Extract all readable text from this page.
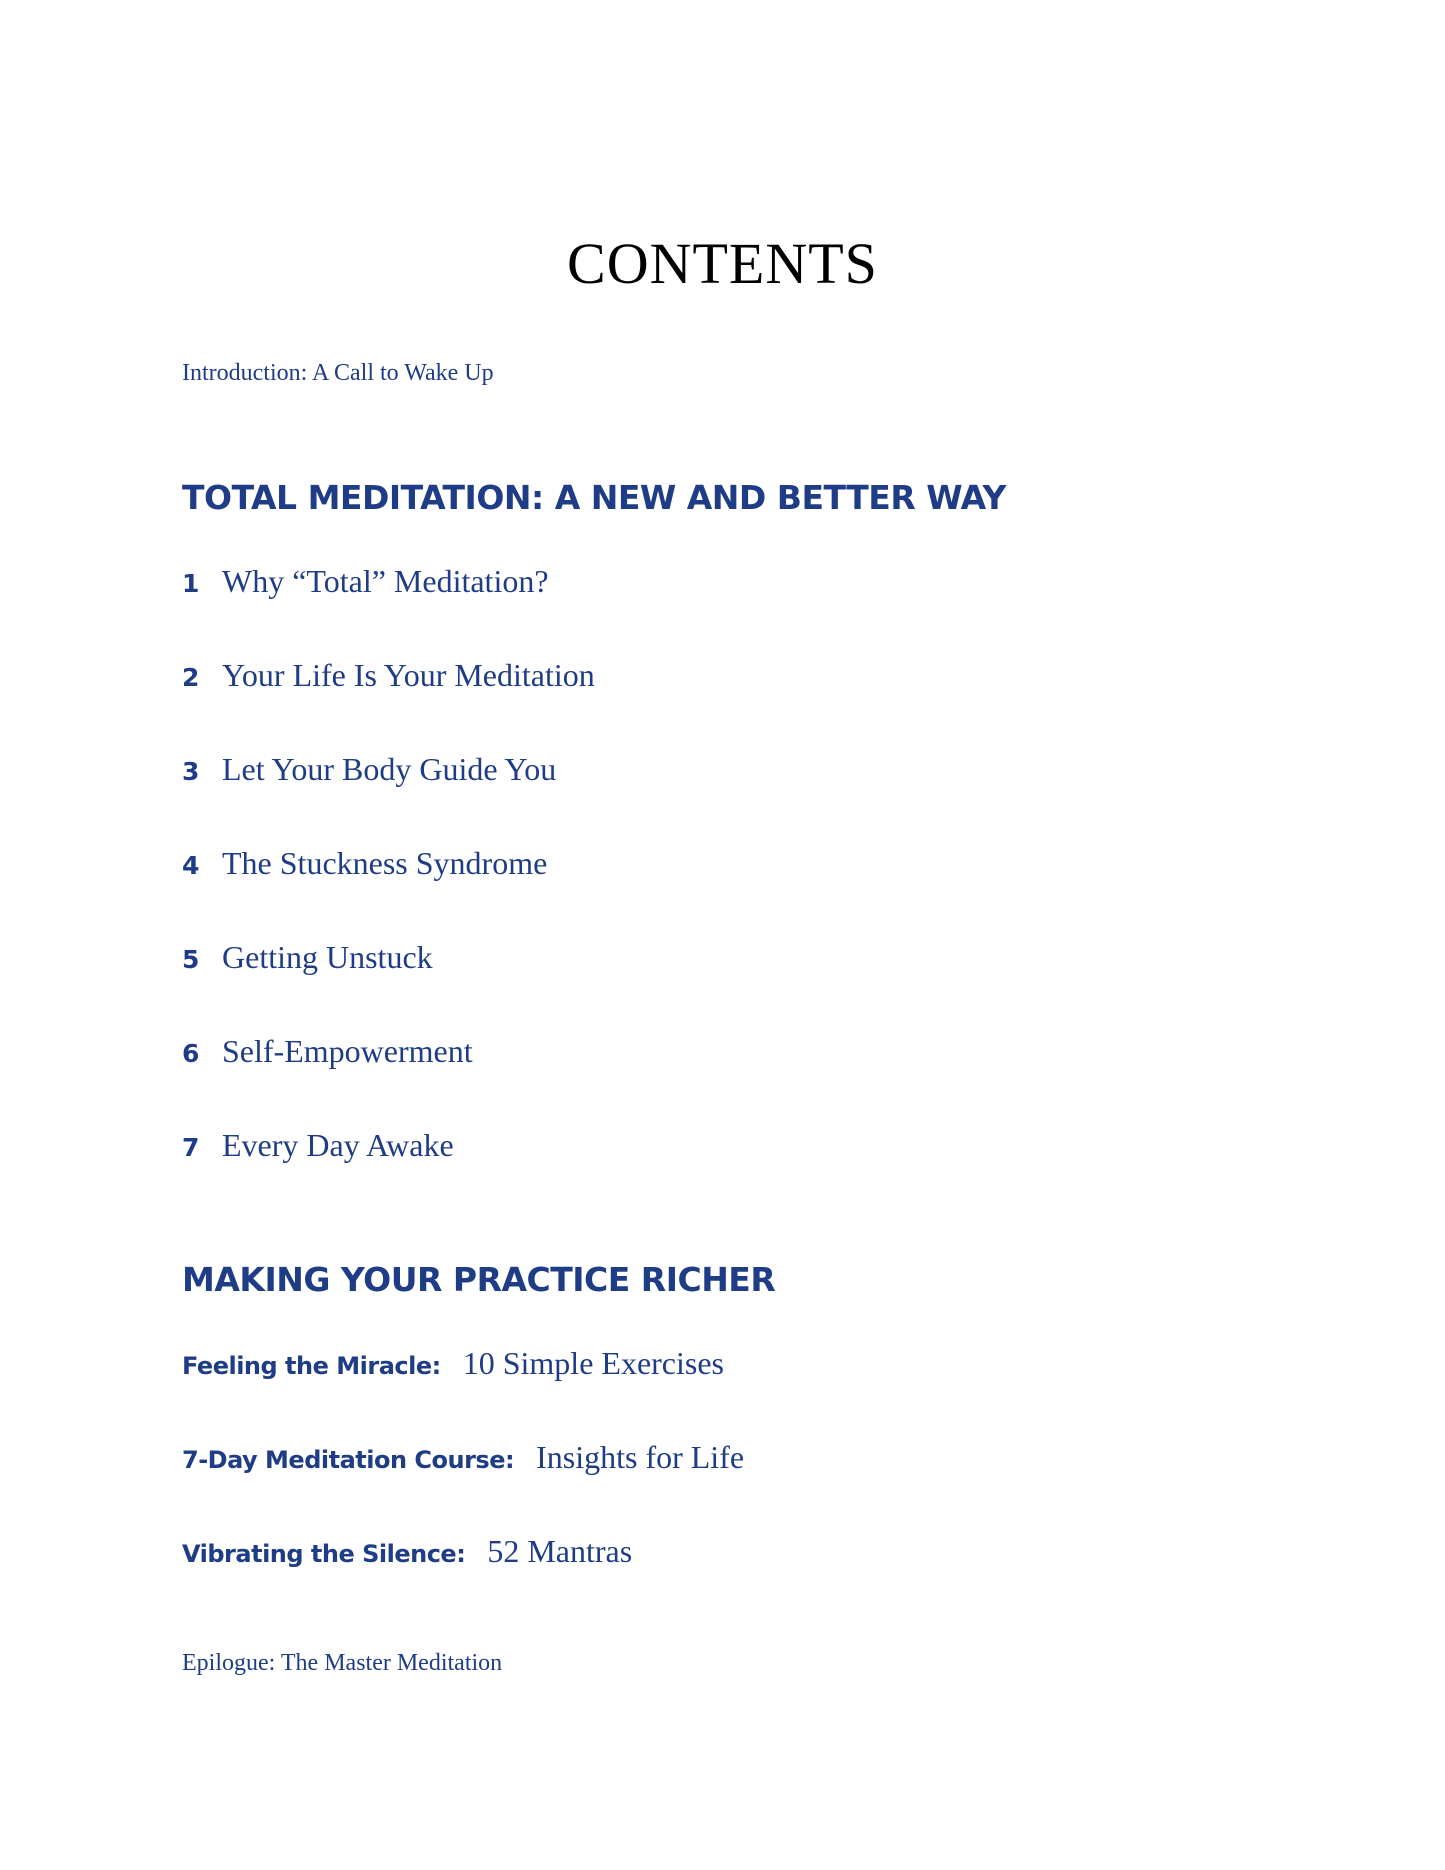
CONTENTS
Introduction: A Call to Wake Up
TOTAL MEDITATION: A NEW AND BETTER WAY
1 Why “Total” Meditation?
2 Your Life Is Your Meditation
3 Let Your Body Guide You
4 The Stuckness Syndrome
5 Getting Unstuck
6 Self-Empowerment
7 Every Day Awake
MAKING YOUR PRACTICE RICHER
Feeling the Miracle: 10 Simple Exercises
7-Day Meditation Course: Insights for Life
Vibrating the Silence: 52 Mantras
Epilogue: The Master Meditation
